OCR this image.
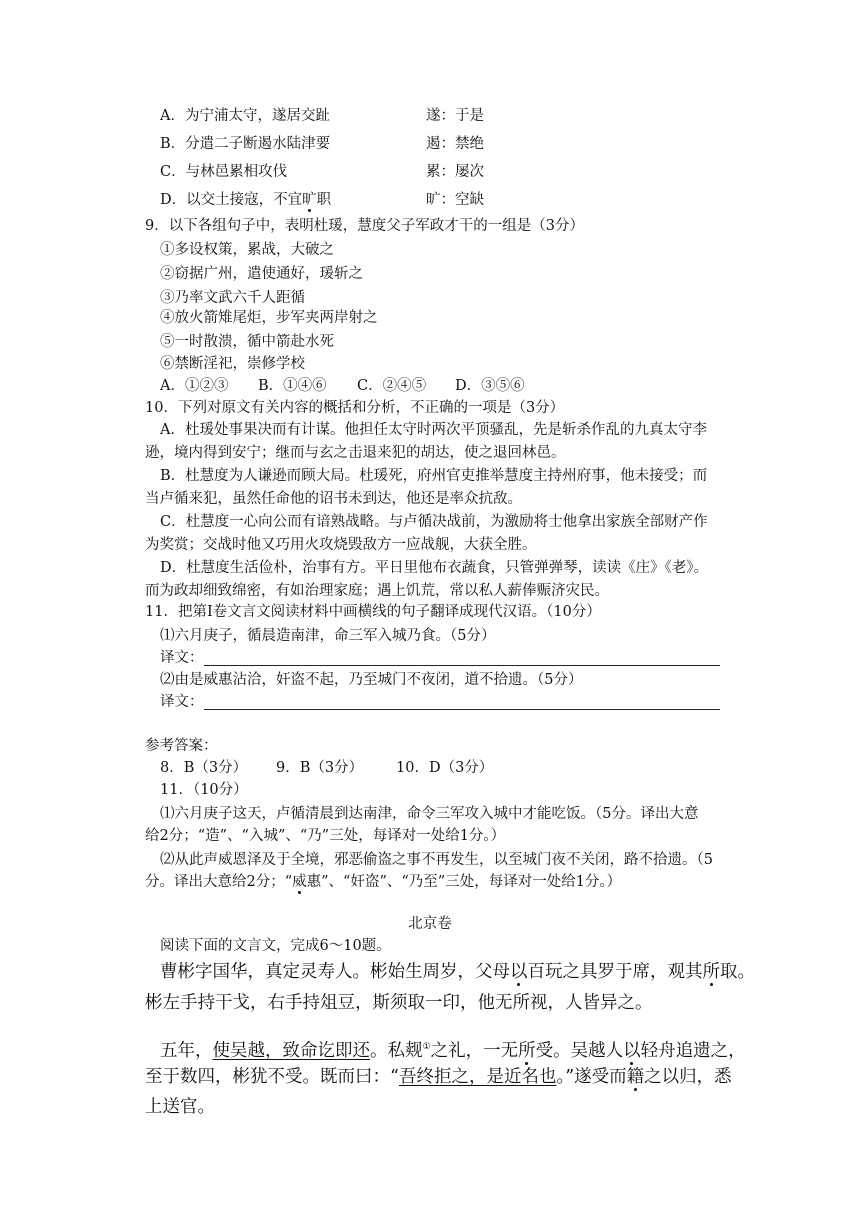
A．为宁浦太守，遂居交趾	遂：于是
B．分遣二子断遏水陆津要	遏：禁绝
C．与林邑累相攻伐	累：屡次
D．以交土接寇，不宜旷职	旷：空缺
9．以下各组句子中，表明杜瑗，慧度父子军政才干的一组是（3分）
①多设权策，累战，大破之
②窃据广州，遣使通好，瑗斩之
③乃率文武六千人距循
④放火箭雉尾炬，步军夹两岸射之
⑤一时散溃，循中箭赴水死
⑥禁断淫祀，崇修学校
A．①②③ B．①④⑥ C．②④⑤ D．③⑤⑥
10．下列对原文有关内容的概括和分析，不正确的一项是（3分）
A．杜瑗处事果决而有计谋。他担任太守时两次平顶骚乱，先是斩杀作乱的九真太守李
逊，境内得到安宁；继而与玄之击退来犯的胡达，使之退回林邑。
B．杜慧度为人谦逊而顾大局。杜瑗死，府州官吏推举慧度主持州府事，他未接受；而
当卢循来犯，虽然任命他的诏书未到达，他还是率众抗敌。
C．杜慧度一心向公而有谙熟战略。与卢循决战前，为激励将士他拿出家族全部财产作
为奖赏；交战时他又巧用火攻烧毁敌方一应战舰，大获全胜。
D．杜慧度生活俭朴，治事有方。平日里他布衣蔬食，只管弹弹琴，读读《庄》《老》。
而为政却细致绵密，有如治理家庭；遇上饥荒，常以私人薪俸赈济灾民。
11．把第Ⅰ卷文言文阅读材料中画横线的句子翻译成现代汉语。（10分）
⑴六月庚子，循晨造南津，命三军入城乃食。（5分）
译文：
⑵由是威惠沾洽，奸盗不起，乃至城门不夜闭，道不拾遗。（5分）
译文：
参考答案：
8．B（3分） 9．B（3分） 10．D（3分）
11．（10分）
⑴六月庚子这天，卢循清晨到达南津，命令三军攻入城中才能吃饭。（5分。译出大意
给2分；“造”、“入城”、“乃”三处，每译对一处给1分。）
⑵从此声威恩泽及于全境，邪恶偷盗之事不再发生，以至城门夜不关闭，路不拾遗。（5
分。译出大意给2分；“威惠”、“奸盗”、“乃至”三处，每译对一处给1分。）
北京卷
阅读下面的文言文，完成6～10题。
曹彬字国华，真定灵寿人。彬始生周岁，父母以百玩之具罗于席，观其所取。
彬左手持干戈，右手持俎豆，斯须取一印，他无所视，人皆异之。
五年，使吴越，致命讫即还。私觌①之礼，一无所受。吴越人以轻舟追遗之，
至于数四，彬犹不受。既而曰：“吾终拒之，是近名也。”遂受而籍之以归，悉
上送官。
